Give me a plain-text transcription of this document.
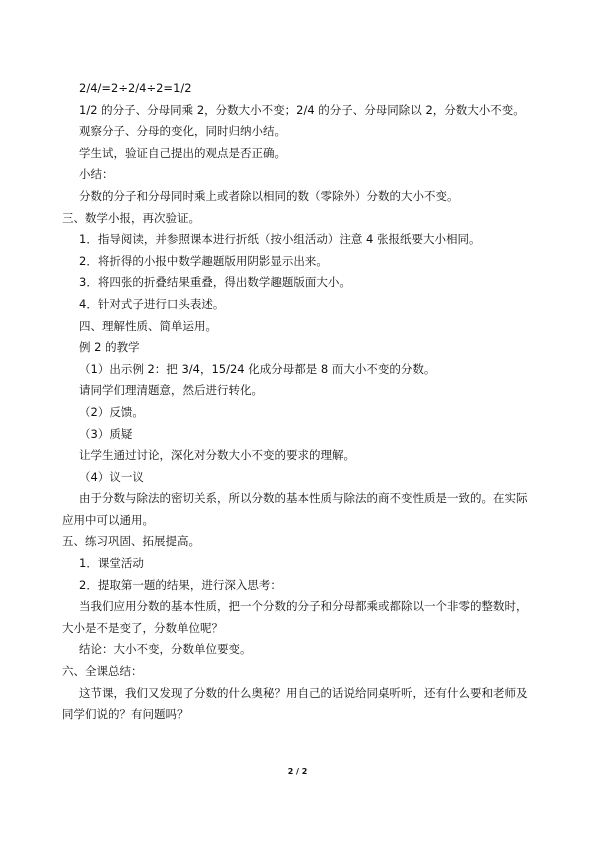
2/4/=2÷2/4÷2=1/2

1/2 的分子、分母同乘 2，分数大小不变；2/4 的分子、分母同除以 2，分数大小不变。

观察分子、分母的变化，同时归纳小结。

学生试，验证自己提出的观点是否正确。

小结：

分数的分子和分母同时乘上或者除以相同的数（零除外）分数的大小不变。

三、数学小报，再次验证。

1．指导阅读，并参照课本进行折纸（按小组活动）注意 4 张报纸要大小相同。

2．将折得的小报中数学趣题版用阴影显示出来。

3．将四张的折叠结果重叠，得出数学趣题版面大小。

4．针对式子进行口头表述。

四、理解性质、简单运用。

例 2 的教学

（1）出示例 2：把 3/4，15/24 化成分母都是 8 而大小不变的分数。

请同学们理清题意，然后进行转化。

（2）反馈。

（3）质疑

让学生通过讨论，深化对分数大小不变的要求的理解。

（4）议一议

由于分数与除法的密切关系，所以分数的基本性质与除法的商不变性质是一致的。在实际应用中可以通用。

五、练习巩固、拓展提高。

1．课堂活动

2．提取第一题的结果，进行深入思考：

当我们应用分数的基本性质，把一个分数的分子和分母都乘或都除以一个非零的整数时，大小是不是变了，分数单位呢？

结论：大小不变，分数单位要变。

六、全课总结：

这节课，我们又发现了分数的什么奥秘？用自己的话说给同桌听听，还有什么要和老师及同学们说的？有问题吗？

2 / 2
